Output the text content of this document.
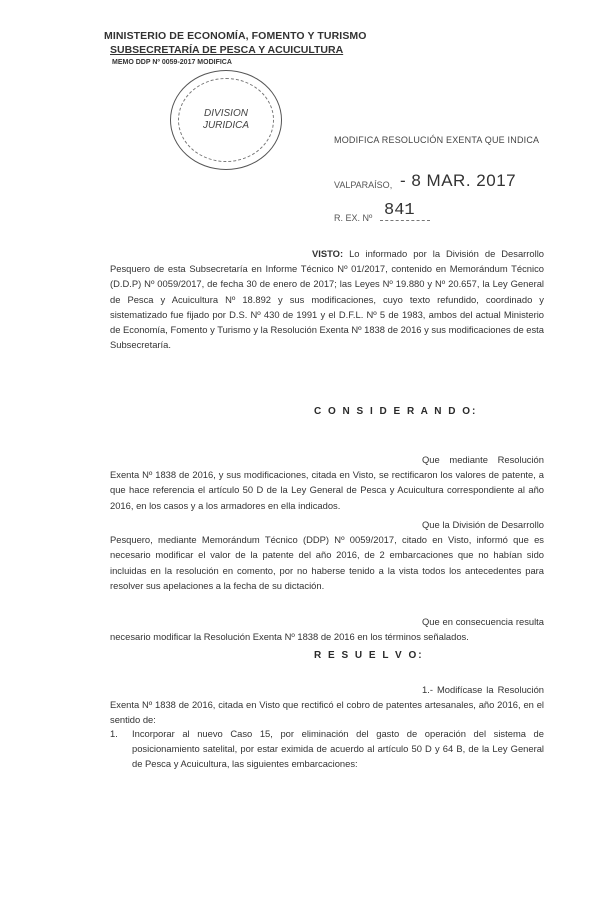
MINISTERIO DE ECONOMÍA, FOMENTO Y TURISMO
SUBSECRETARÍA DE PESCA Y ACUICULTURA
MEMO DDP Nº 0059-2017 MODIFICA
DIVISION
JURIDICA
MODIFICA RESOLUCIÓN EXENTA QUE INDICA
VALPARAÍSO, - 8 MAR. 2017
R. EX. Nº 841
VISTO: Lo informado por la División de Desarrollo Pesquero de esta Subsecretaría en Informe Técnico Nº 01/2017, contenido en Memorándum Técnico (D.D.P) Nº 0059/2017, de fecha 30 de enero de 2017; las Leyes Nº 19.880 y Nº 20.657, la Ley General de Pesca y Acuicultura Nº 18.892 y sus modificaciones, cuyo texto refundido, coordinado y sistematizado fue fijado por D.S. Nº 430 de 1991 y el D.F.L. Nº 5 de 1983, ambos del actual Ministerio de Economía, Fomento y Turismo y la Resolución Exenta Nº 1838 de 2016 y sus modificaciones de esta Subsecretaría.
C O N S I D E R A N D O:
Que mediante Resolución Exenta Nº 1838 de 2016, y sus modificaciones, citada en Visto, se rectificaron los valores de patente, a que hace referencia el artículo 50 D de la Ley General de Pesca y Acuicultura correspondiente al año 2016, en los casos y a los armadores en ella indicados.
Que la División de Desarrollo Pesquero, mediante Memorándum Técnico (DDP) Nº 0059/2017, citado en Visto, informó que es necesario modificar el valor de la patente del año 2016, de 2 embarcaciones que no habían sido incluidas en la resolución en comento, por no haberse tenido a la vista todos los antecedentes para resolver sus apelaciones a la fecha de su dictación.
Que en consecuencia resulta necesario modificar la Resolución Exenta Nº 1838 de 2016 en los términos señalados.
R E S U E L V O:
1.- Modifícase la Resolución Exenta Nº 1838 de 2016, citada en Visto que rectificó el cobro de patentes artesanales, año 2016, en el sentido de:
1. Incorporar al nuevo Caso 15, por eliminación del gasto de operación del sistema de posicionamiento satelital, por estar eximida de acuerdo al artículo 50 D y 64 B, de la Ley General de Pesca y Acuicultura, las siguientes embarcaciones:
